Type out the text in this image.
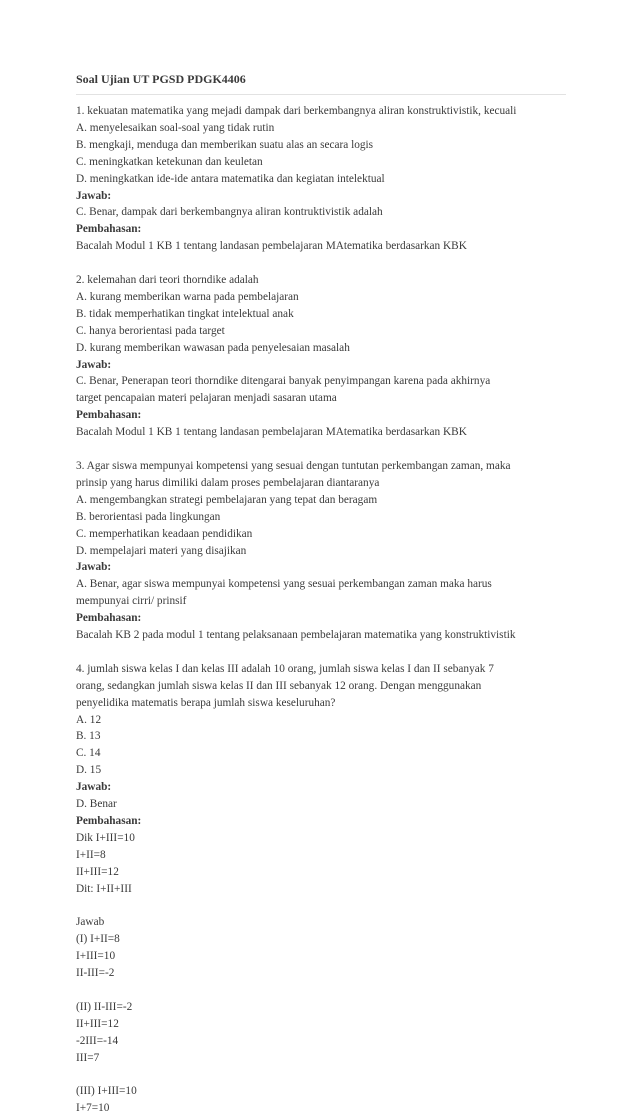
Soal Ujian UT PGSD PDGK4406
1. kekuatan matematika yang mejadi dampak dari berkembangnya aliran konstruktivistik, kecuali
A. menyelesaikan soal-soal yang tidak rutin
B. mengkaji, menduga dan memberikan suatu alas an secara logis
C. meningkatkan ketekunan dan keuletan
D. meningkatkan ide-ide antara matematika dan kegiatan intelektual
Jawab:
C. Benar, dampak dari berkembangnya aliran kontruktivistik adalah
Pembahasan:
Bacalah Modul 1 KB 1 tentang landasan pembelajaran MAtematika berdasarkan KBK
2. kelemahan dari teori thorndike adalah
A. kurang memberikan warna pada pembelajaran
B. tidak memperhatikan tingkat intelektual anak
C. hanya berorientasi pada target
D. kurang memberikan wawasan pada penyelesaian masalah
Jawab:
C. Benar, Penerapan teori thorndike ditengarai banyak penyimpangan karena pada akhirnya
target pencapaian materi pelajaran menjadi sasaran utama
Pembahasan:
Bacalah Modul 1 KB 1 tentang landasan pembelajaran MAtematika berdasarkan KBK
3. Agar siswa mempunyai kompetensi yang sesuai dengan tuntutan perkembangan zaman, maka
prinsip yang harus dimiliki dalam proses pembelajaran diantaranya
A. mengembangkan strategi pembelajaran yang tepat dan beragam
B. berorientasi pada lingkungan
C. memperhatikan keadaan pendidikan
D. mempelajari materi yang disajikan
Jawab:
A. Benar, agar siswa mempunyai kompetensi yang sesuai perkembangan zaman maka harus
mempunyai cirri/ prinsif
Pembahasan:
Bacalah KB 2 pada modul 1 tentang pelaksanaan pembelajaran matematika yang konstruktivistik
4. jumlah siswa kelas I dan kelas III adalah 10 orang, jumlah siswa kelas I dan II sebanyak 7
orang, sedangkan jumlah siswa kelas II dan III sebanyak 12 orang. Dengan menggunakan
penyelidika matematis berapa jumlah siswa keseluruhan?
A. 12
B. 13
C. 14
D. 15
Jawab:
D. Benar
Pembahasan:
Dik I+III=10
I+II=8
II+III=12
Dit: I+II+III
Jawab
(I) I+II=8
I+III=10
II-III=-2
(II) II-III=-2
II+III=12
-2III=-14
III=7
(III) I+III=10
I+7=10
